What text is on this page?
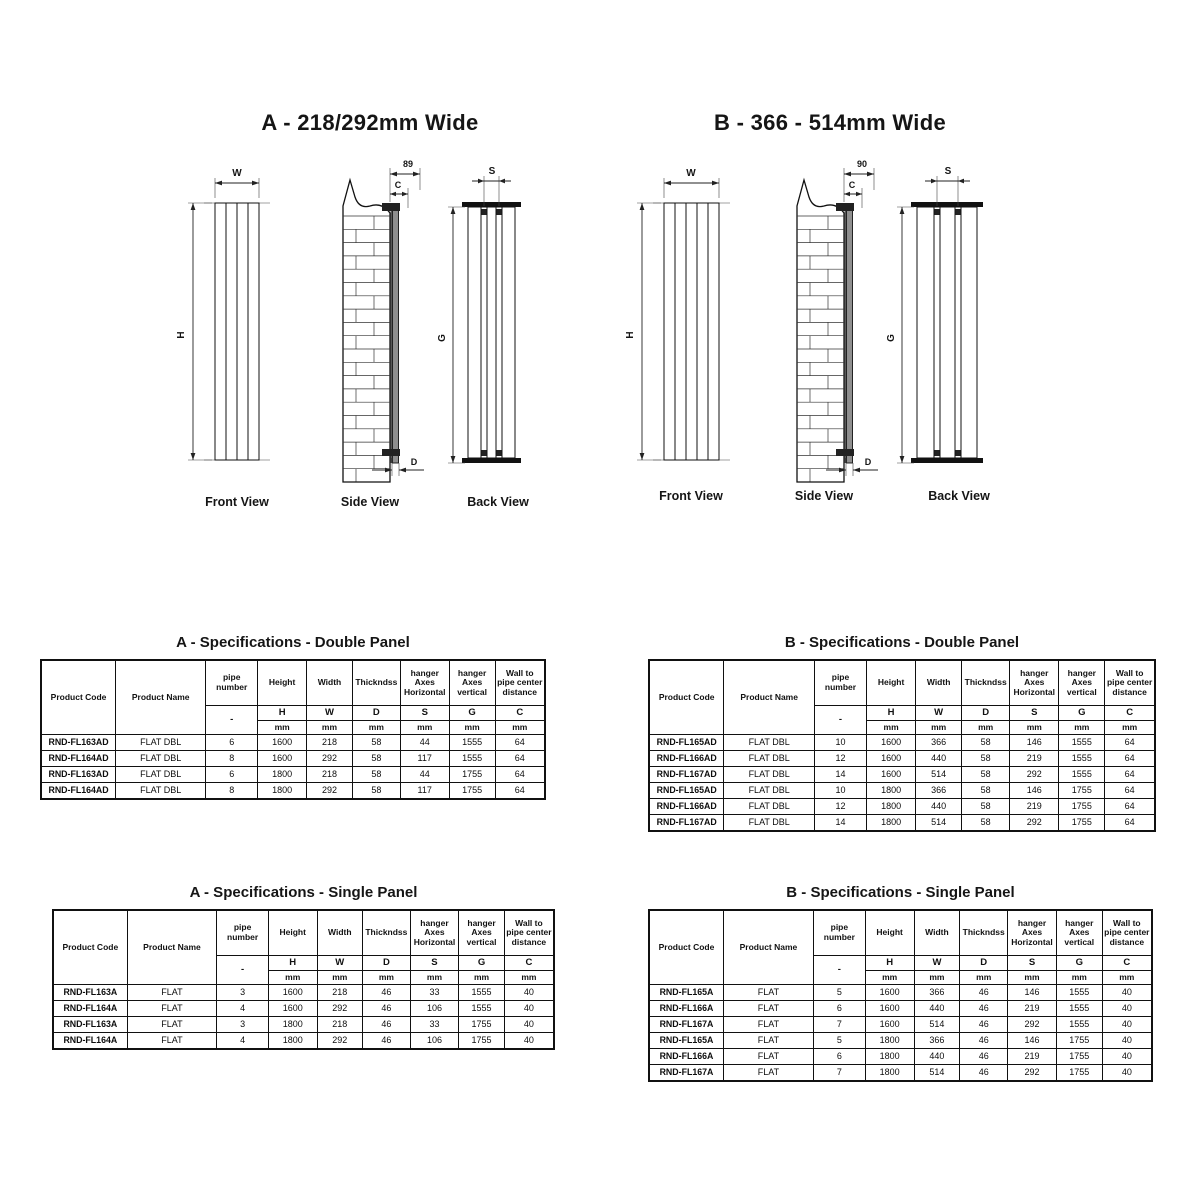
A - 218/292mm Wide	B - 366 - 514mm Wide
W
H
89
C
D
S
G
Front View	Side View	Back View
W
H
90
C
D
S
G
Front View	Side View	Back View
A - Specifications - Double Panel
Product Code	Product Name	pipe number	Height	Width	Thickndss	hanger Axes Horizontal	hanger Axes vertical	Wall to pipe center distance
		-	H	W	D	S	G	C
			mm	mm	mm	mm	mm	mm
RND-FL163AD	FLAT DBL	6	1600	218	58	44	1555	64
RND-FL164AD	FLAT DBL	8	1600	292	58	117	1555	64
RND-FL163AD	FLAT DBL	6	1800	218	58	44	1755	64
RND-FL164AD	FLAT DBL	8	1800	292	58	117	1755	64
B - Specifications - Double Panel
Product Code	Product Name	pipe number	Height	Width	Thickndss	hanger Axes Horizontal	hanger Axes vertical	Wall to pipe center distance
		-	H	W	D	S	G	C
			mm	mm	mm	mm	mm	mm
RND-FL165AD	FLAT DBL	10	1600	366	58	146	1555	64
RND-FL166AD	FLAT DBL	12	1600	440	58	219	1555	64
RND-FL167AD	FLAT DBL	14	1600	514	58	292	1555	64
RND-FL165AD	FLAT DBL	10	1800	366	58	146	1755	64
RND-FL166AD	FLAT DBL	12	1800	440	58	219	1755	64
RND-FL167AD	FLAT DBL	14	1800	514	58	292	1755	64
A - Specifications - Single Panel
Product Code	Product Name	pipe number	Height	Width	Thickndss	hanger Axes Horizontal	hanger Axes vertical	Wall to pipe center distance
		-	H	W	D	S	G	C
			mm	mm	mm	mm	mm	mm
RND-FL163A	FLAT	3	1600	218	46	33	1555	40
RND-FL164A	FLAT	4	1600	292	46	106	1555	40
RND-FL163A	FLAT	3	1800	218	46	33	1755	40
RND-FL164A	FLAT	4	1800	292	46	106	1755	40
B - Specifications - Single Panel
Product Code	Product Name	pipe number	Height	Width	Thickndss	hanger Axes Horizontal	hanger Axes vertical	Wall to pipe center distance
		-	H	W	D	S	G	C
			mm	mm	mm	mm	mm	mm
RND-FL165A	FLAT	5	1600	366	46	146	1555	40
RND-FL166A	FLAT	6	1600	440	46	219	1555	40
RND-FL167A	FLAT	7	1600	514	46	292	1555	40
RND-FL165A	FLAT	5	1800	366	46	146	1755	40
RND-FL166A	FLAT	6	1800	440	46	219	1755	40
RND-FL167A	FLAT	7	1800	514	46	292	1755	40
